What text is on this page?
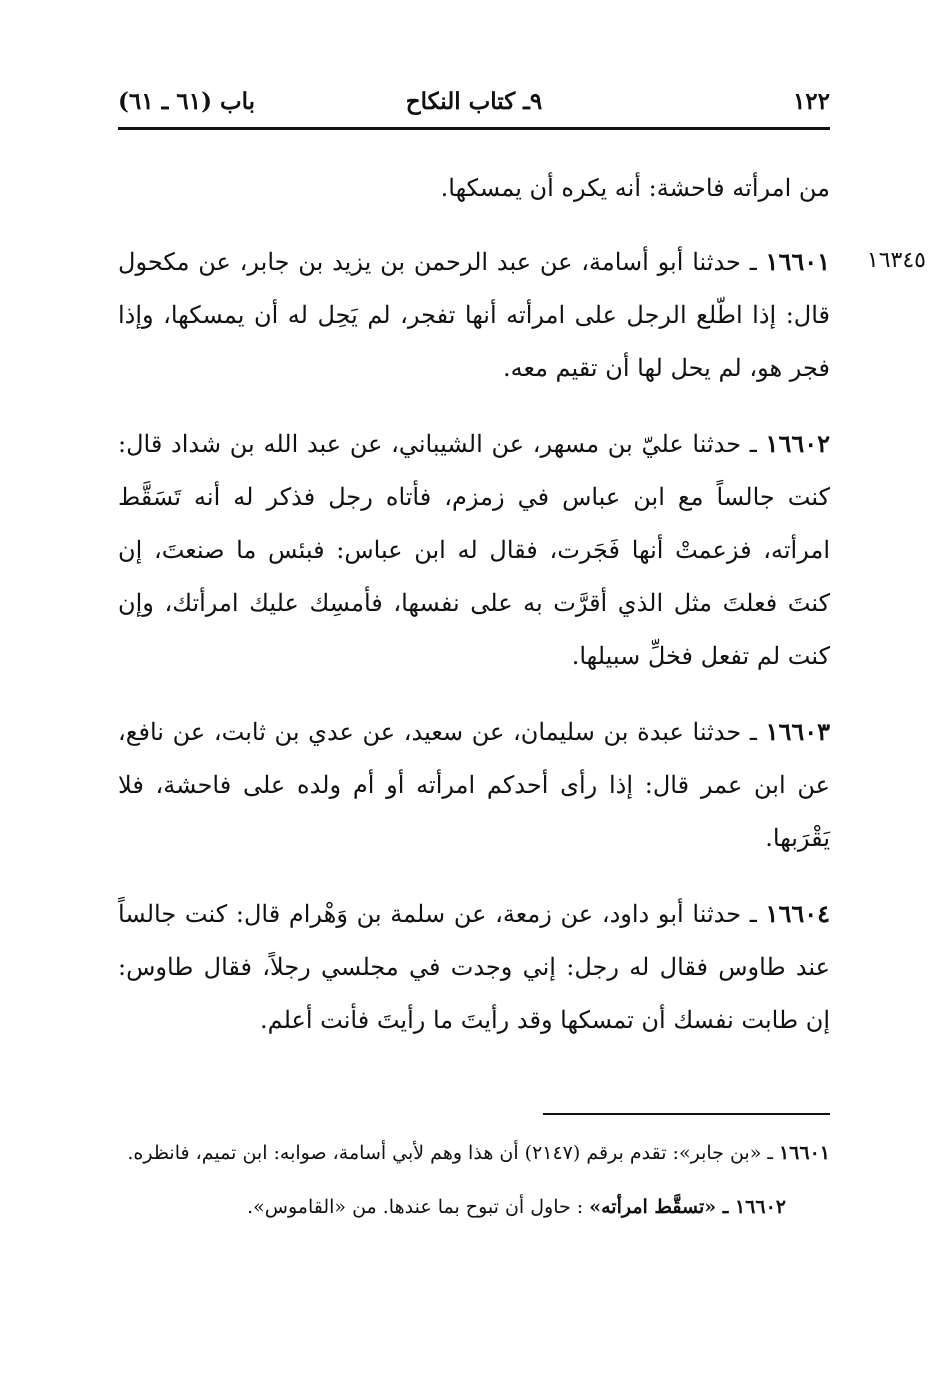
١٢٢
٩ـ كتاب النكاح
باب (٦١ ـ ٦١)
١٦٣٤٥

من امرأته فاحشة: أنه يكره أن يمسكها.

١٦٦٠١ ـ حدثنا أبو أسامة، عن عبد الرحمن بن يزيد بن جابر، عن مكحول قال: إذا اطّلع الرجل على امرأته أنها تفجر، لم يَحِل له أن يمسكها، وإذا فجر هو، لم يحل لها أن تقيم معه.

١٦٦٠٢ ـ حدثنا عليّ بن مسهر، عن الشيباني، عن عبد الله بن شداد قال: كنت جالساً مع ابن عباس في زمزم، فأتاه رجل فذكر له أنه تَسَقَّط امرأته، فزعمتْ أنها فَجَرت، فقال له ابن عباس: فبئس ما صنعتَ، إن كنتَ فعلتَ مثل الذي أقرَّت به على نفسها، فأمسِك عليك امرأتك، وإن كنت لم تفعل فخلِّ سبيلها.

١٦٦٠٣ ـ حدثنا عبدة بن سليمان، عن سعيد، عن عدي بن ثابت، عن نافع، عن ابن عمر قال: إذا رأى أحدكم امرأته أو أم ولده على فاحشة، فلا يَقْرَبها.

١٦٦٠٤ ـ حدثنا أبو داود، عن زمعة، عن سلمة بن وَهْرام قال: كنت جالساً عند طاوس فقال له رجل: إني وجدت في مجلسي رجلاً، فقال طاوس: إن طابت نفسك أن تمسكها وقد رأيتَ ما رأيتَ فأنت أعلم.

١٦٦٠١ ـ «بن جابر»: تقدم برقم (٢١٤٧) أن هذا وهم لأبي أسامة، صوابه: ابن تميم، فانظره.

١٦٦٠٢ ـ «تسقَّط امرأته» : حاول أن تبوح بما عندها. من «القاموس».
